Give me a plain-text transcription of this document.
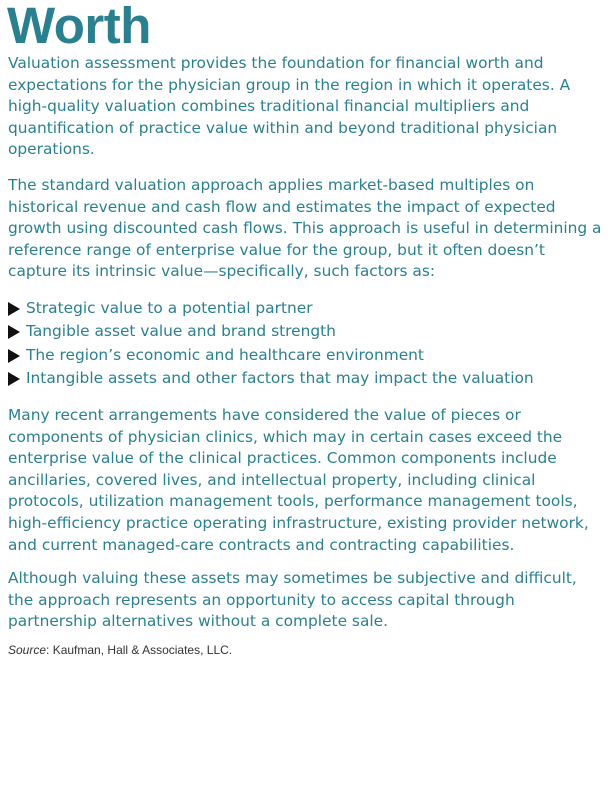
Worth

Valuation assessment provides the foundation for financial worth and expectations for the physician group in the region in which it operates. A high-quality valuation combines traditional financial multipliers and quantification of practice value within and beyond traditional physician operations.

The standard valuation approach applies market-based multiples on historical revenue and cash flow and estimates the impact of expected growth using discounted cash flows. This approach is useful in determining a reference range of enterprise value for the group, but it often doesn’t capture its intrinsic value—specifically, such factors as:

Strategic value to a potential partner
Tangible asset value and brand strength
The region’s economic and healthcare environment
Intangible assets and other factors that may impact the valuation

Many recent arrangements have considered the value of pieces or components of physician clinics, which may in certain cases exceed the enterprise value of the clinical practices. Common components include ancillaries, covered lives, and intellectual property, including clinical protocols, utilization management tools, performance management tools, high-efficiency practice operating infrastructure, existing provider network, and current managed-care contracts and contracting capabilities.

Although valuing these assets may sometimes be subjective and difficult, the approach represents an opportunity to access capital through partnership alternatives without a complete sale.

Source: Kaufman, Hall & Associates, LLC.
